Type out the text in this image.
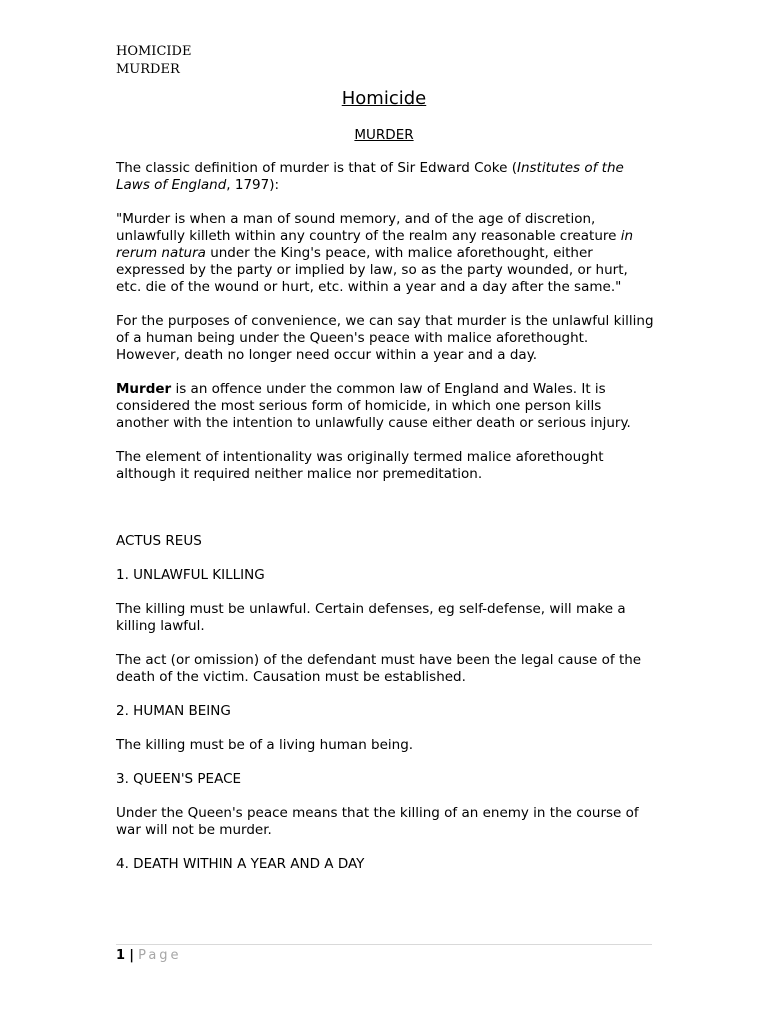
HOMICIDE
MURDER
Homicide
MURDER

The classic definition of murder is that of Sir Edward Coke (Institutes of the Laws of England, 1797):

"Murder is when a man of sound memory, and of the age of discretion, unlawfully killeth within any country of the realm any reasonable creature in rerum natura under the King's peace, with malice aforethought, either expressed by the party or implied by law, so as the party wounded, or hurt, etc. die of the wound or hurt, etc. within a year and a day after the same."

For the purposes of convenience, we can say that murder is the unlawful killing of a human being under the Queen's peace with malice aforethought. However, death no longer need occur within a year and a day.

Murder is an offence under the common law of England and Wales. It is considered the most serious form of homicide, in which one person kills another with the intention to unlawfully cause either death or serious injury.

The element of intentionality was originally termed malice aforethought although it required neither malice nor premeditation.

ACTUS REUS

1. UNLAWFUL KILLING

The killing must be unlawful. Certain defenses, eg self-defense, will make a killing lawful.

The act (or omission) of the defendant must have been the legal cause of the death of the victim. Causation must be established.

2. HUMAN BEING

The killing must be of a living human being.

3. QUEEN'S PEACE

Under the Queen's peace means that the killing of an enemy in the course of war will not be murder.

4. DEATH WITHIN A YEAR AND A DAY

1 | Page
